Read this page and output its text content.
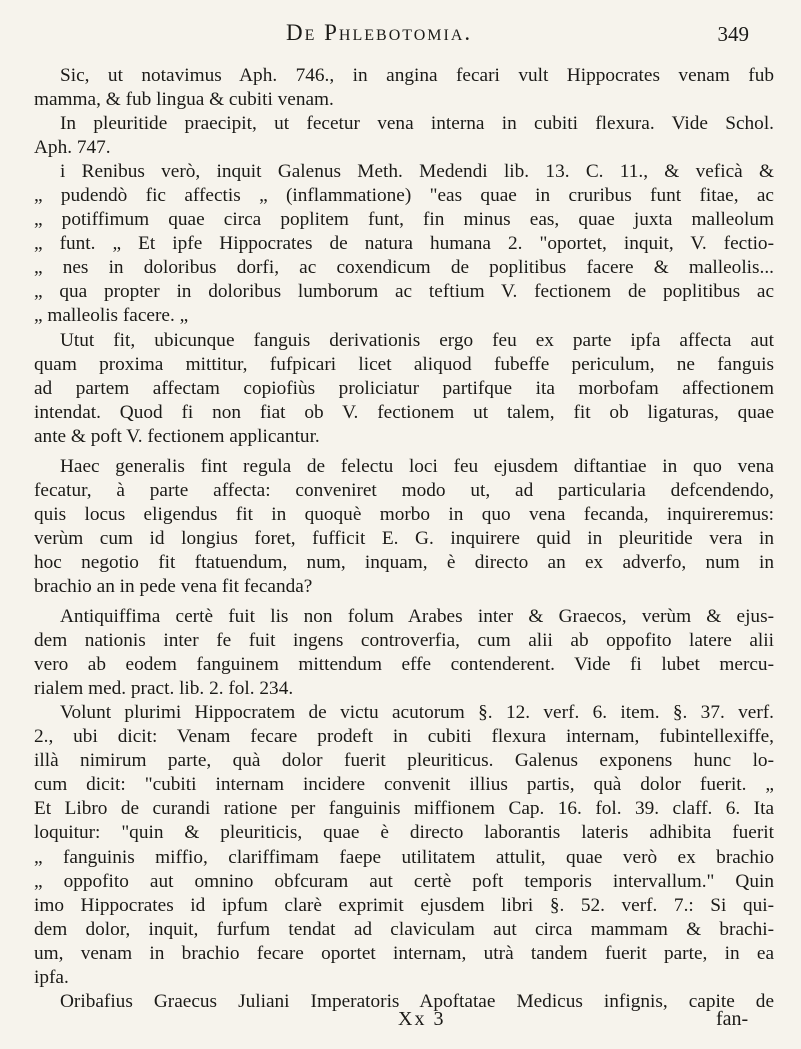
De Phlebotomia.	349
Sic, ut notavimus Aph. 746., in angina fecari vult Hippocrates venam fub
mamma, & fub lingua & cubiti venam.
In pleuritide praecipit, ut fecetur vena interna in cubiti flexura. Vide Schol.
Aph. 747.
i Renibus verò, inquit Galenus Meth. Medendi lib. 13. C. 11., & veficà &
„ pudendò fic affectis „ (inflammatione) "eas quae in cruribus funt fitae, ac
„ potiffimum quae circa poplitem funt, fin minus eas, quae juxta malleolum
„ funt. „ Et ipfe Hippocrates de natura humana 2. "oportet, inquit, V. fectio-
„ nes in doloribus dorfi, ac coxendicum de poplitibus facere & malleolis...
„ qua propter in doloribus lumborum ac teftium V. fectionem de poplitibus ac
„ malleolis facere. „
Utut fit, ubicunque fanguis derivationis ergo feu ex parte ipfa affecta aut
quam proxima mittitur, fufpicari licet aliquod fubeffe periculum, ne fanguis
ad partem affectam copiofiùs proliciatur partifque ita morbofam affectionem
intendat. Quod fi non fiat ob V. fectionem ut talem, fit ob ligaturas, quae
ante & poft V. fectionem applicantur.
Haec generalis fint regula de felectu loci feu ejusdem diftantiae in quo vena
fecatur, à parte affecta: conveniret modo ut, ad particularia defcendendo,
quis locus eligendus fit in quoquè morbo in quo vena fecanda, inquireremus:
verùm cum id longius foret, fufficit E. G. inquirere quid in pleuritide vera in
hoc negotio fit ftatuendum, num, inquam, è directo an ex adverfo, num in
brachio an in pede vena fit fecanda?
Antiquiffima certè fuit lis non folum Arabes inter & Graecos, verùm & ejus-
dem nationis inter fe fuit ingens controverfia, cum alii ab oppofito latere alii
vero ab eodem fanguinem mittendum effe contenderent. Vide fi lubet mercu-
rialem med. pract. lib. 2. fol. 234.
Volunt plurimi Hippocratem de victu acutorum §. 12. verf. 6. item. §. 37. verf.
2., ubi dicit: Venam fecare prodeft in cubiti flexura internam, fubintellexiffe,
illà nimirum parte, quà dolor fuerit pleuriticus. Galenus exponens hunc lo-
cum dicit: "cubiti internam incidere convenit illius partis, quà dolor fuerit. „
Et Libro de curandi ratione per fanguinis miffionem Cap. 16. fol. 39. claff. 6. Ita
loquitur: "quin & pleuriticis, quae è directo laborantis lateris adhibita fuerit
„ fanguinis miffio, clariffimam faepe utilitatem attulit, quae verò ex brachio
„ oppofito aut omnino obfcuram aut certè poft temporis intervallum." Quin
imo Hippocrates id ipfum clarè exprimit ejusdem libri §. 52. verf. 7.: Si qui-
dem dolor, inquit, furfum tendat ad claviculam aut circa mammam & brachi-
um, venam in brachio fecare oportet internam, utrà tandem fuerit parte, in ea
ipfa.
Oribafius Graecus Juliani Imperatoris Apoftatae Medicus infignis, capite de
Xx 3	fan-
